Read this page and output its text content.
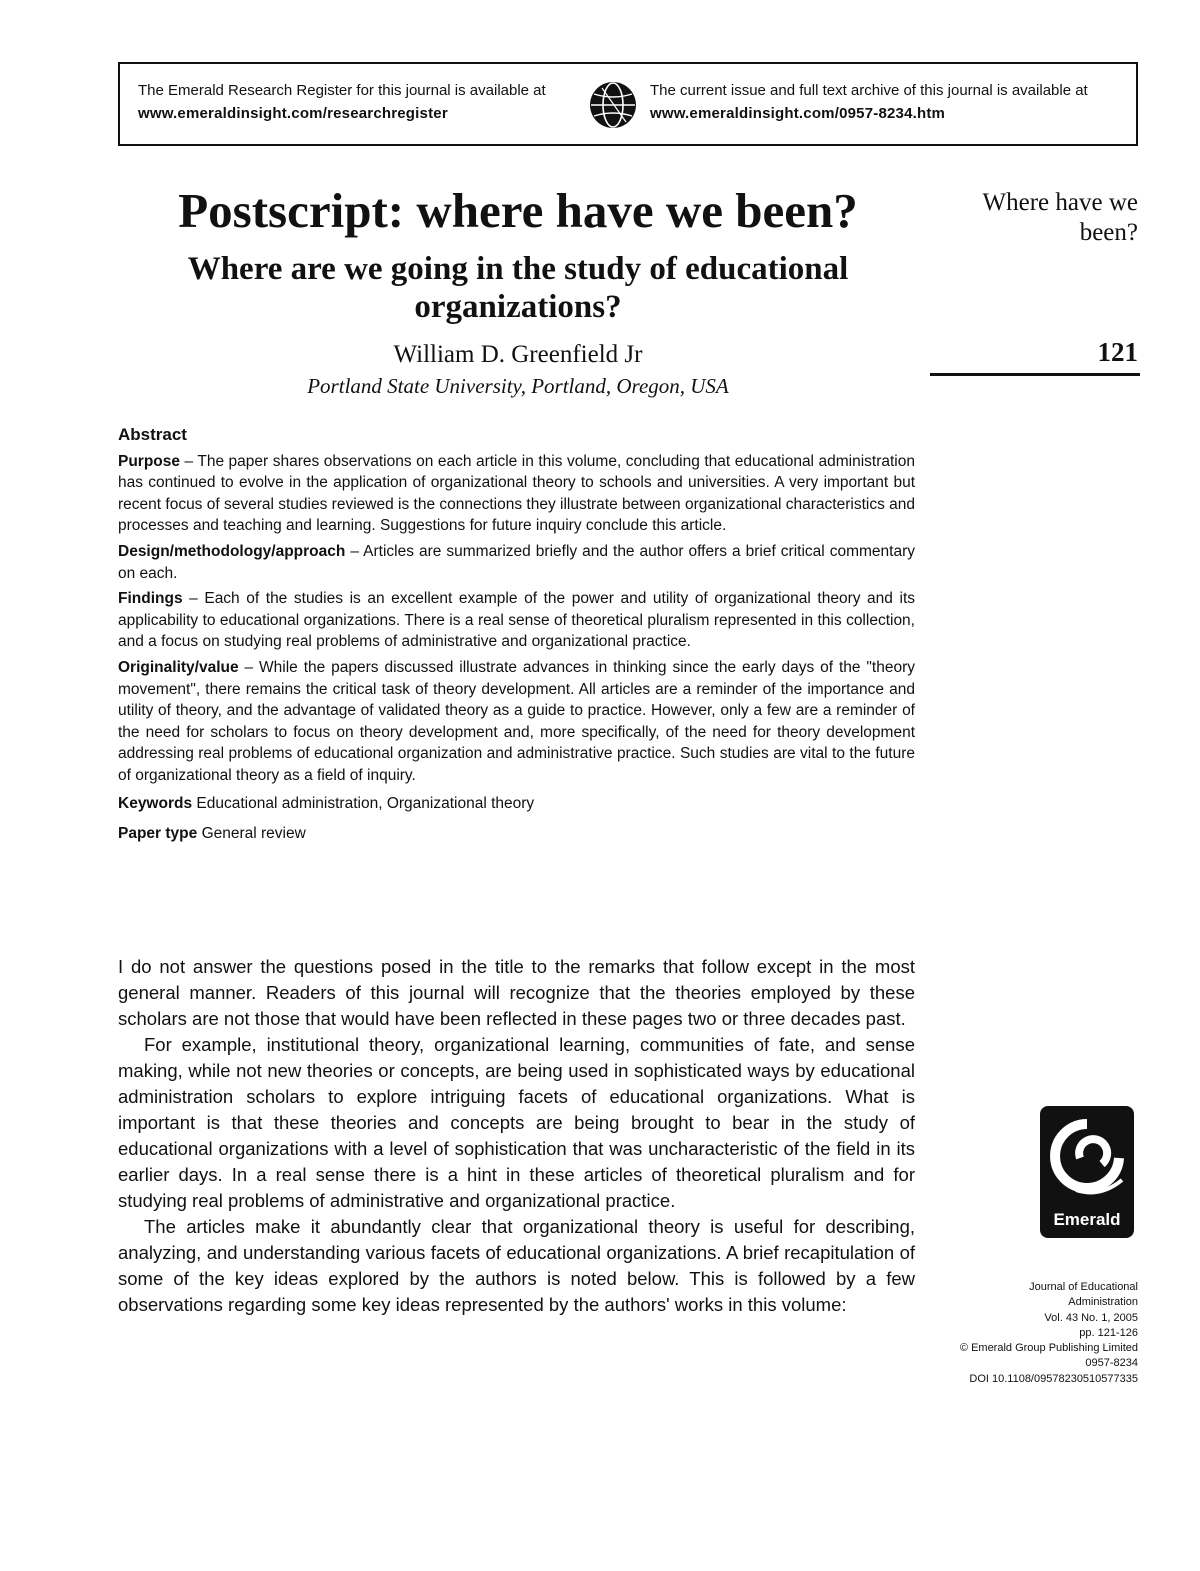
The Emerald Research Register for this journal is available at
www.emeraldinsight.com/researchregister
The current issue and full text archive of this journal is available at
www.emeraldinsight.com/0957-8234.htm
Postscript: where have we been?
Where are we going in the study of educational organizations?
William D. Greenfield Jr
Portland State University, Portland, Oregon, USA
Where have we been?
121
Abstract

Purpose – The paper shares observations on each article in this volume, concluding that educational administration has continued to evolve in the application of organizational theory to schools and universities. A very important but recent focus of several studies reviewed is the connections they illustrate between organizational characteristics and processes and teaching and learning. Suggestions for future inquiry conclude this article.

Design/methodology/approach – Articles are summarized briefly and the author offers a brief critical commentary on each.

Findings – Each of the studies is an excellent example of the power and utility of organizational theory and its applicability to educational organizations. There is a real sense of theoretical pluralism represented in this collection, and a focus on studying real problems of administrative and organizational practice.

Originality/value – While the papers discussed illustrate advances in thinking since the early days of the "theory movement", there remains the critical task of theory development. All articles are a reminder of the importance and utility of theory, and the advantage of validated theory as a guide to practice. However, only a few are a reminder of the need for scholars to focus on theory development and, more specifically, of the need for theory development addressing real problems of educational organization and administrative practice. Such studies are vital to the future of organizational theory as a field of inquiry.

Keywords Educational administration, Organizational theory

Paper type General review

I do not answer the questions posed in the title to the remarks that follow except in the most general manner. Readers of this journal will recognize that the theories employed by these scholars are not those that would have been reflected in these pages two or three decades past.

For example, institutional theory, organizational learning, communities of fate, and sense making, while not new theories or concepts, are being used in sophisticated ways by educational administration scholars to explore intriguing facets of educational organizations. What is important is that these theories and concepts are being brought to bear in the study of educational organizations with a level of sophistication that was uncharacteristic of the field in its earlier days. In a real sense there is a hint in these articles of theoretical pluralism and for studying real problems of administrative and organizational practice.

The articles make it abundantly clear that organizational theory is useful for describing, analyzing, and understanding various facets of educational organizations. A brief recapitulation of some of the key ideas explored by the authors is noted below. This is followed by a few observations regarding some key ideas represented by the authors' works in this volume:

Emerald
Journal of Educational
Administration
Vol. 43 No. 1, 2005
pp. 121-126
© Emerald Group Publishing Limited
0957-8234
DOI 10.1108/09578230510577335
